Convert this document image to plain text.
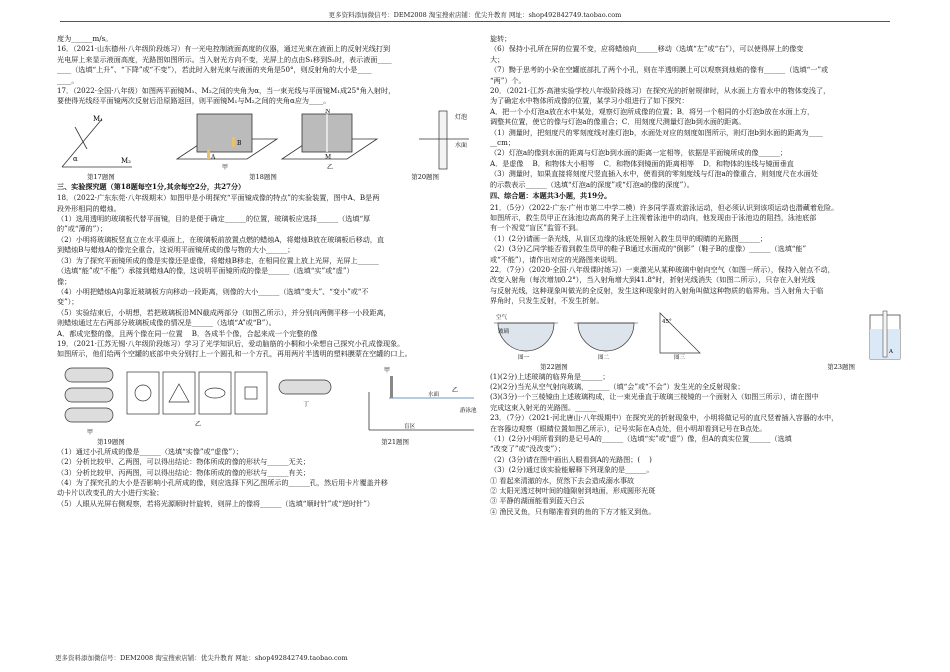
更多资料添加微信号：DEM2008 淘宝搜索店铺：优尖升教育 网址：shop492842749.taobao.com

度为______m/s。

16．（2021·山东德州·八年级阶段练习）有一光电控制液面高度的仪器，通过光束在液面上的反射光线打到

光电屏上来显示液面高度，光路图如图所示。当入射光方向不变，光屏上的点由S₁移到S₂时，表示液面____

____（选填“上升”、“下降”或“不变”），若此时入射光束与液面的夹角是50°，则反射角的大小是____

____。

17．（2022·全国·八年级）如图两平面镜M₁、M₂之间的夹角为α，当一束光线与平面镜M₁成25°角入射时，

要使得光线经平面镜两次反射后沿原路返回，则平面镜M₁与M₂之间的夹角α应为____。

M₁
M₂
α	A
B
甲
N
M
乙
灯泡
水面
第17题图	第18题图	第20题图

三、实验探究题（第18题每空1分,其余每空2分，共27分）

18．（2022·广东东莞·八年级期末）如图甲是小明探究“平面镜成像的特点”的实验装置，图中A、B是两

段外形相同的蜡烛。

（1）选用透明的玻璃板代替平面镜，目的是便于确定______的位置，玻璃板应选择______（选填“厚

的”或“薄的”）；

（2）小明将玻璃板竖直立在水平桌面上，在玻璃板前放置点燃的蜡烛A，将蜡烛B放在玻璃板后移动，直

到蜡烛B与蜡烛A的像完全重合，这说明平面镜所成的像与物的大小______；

（3）为了探究平面镜所成的像是实像还是虚像，将蜡烛B移走，在相同位置上放上光屏，光屏上______

（选填“能”或“不能”）承接到蜡烛A的像，这说明平面镜所成的像是______（选填“实”或“虚”）

像；

（4）小明把蜡烛A向靠近玻璃板方向移动一段距离，则像的大小______（选填“变大”、“变小”或“不

变”）；

（5）实验结束后，小明想，若把玻璃板沿MN截成两部分（如图乙所示），并分别向两侧平移一小段距离，

则蜡烛通过左右两部分玻璃板成像的情况是______（选填“A”或“B”）。

A．都成完整的像，且两个像在同一位置    B．各成半个像，合起来成一个完整的像

19．（2021·江苏无锡·八年级阶段练习）学习了光学知识后，爱动脑筋的小桐和小朵想自己探究小孔成像现象。

如图所示，他们给两个空罐的底部中央分别打上一个圆孔和一个方孔，再用两片半透明的塑料膜蒙在空罐的口上。

甲
乙
丁
甲
乙
水面
游泳池
盲区
第19题图	第21题图

（1）通过小孔所成的像是______（选填“实像”或“虚像”）；

（2）分析比较甲、乙两图，可以得出结论：物体所成的像的形状与______无关；

（3）分析比较甲、丙两图，可以得出结论：物体所成的像的形状与______有关；

（4）为了探究孔的大小是否影响小孔所成的像，则应选择下列乙图所示的______孔，然后用卡片覆盖并移

动卡片以改变孔的大小进行实验；

（5）人眼从光屏右侧观察，若将光源顺时针旋转，则屏上的像将______（选填“顺时针”或“逆时针”）

旋转；

（6）保持小孔所在屏的位置不变，应将蜡烛向______移动（选填“左”或“右”），可以使得屏上的像变

大；

（7）黝于思考的小朵在空罐底部扎了两个小孔，则在半透明膜上可以观察到烛焰的像有______（选填“一”或

“两”）个。

20．（2021·江苏·高港实验学校八年级阶段练习）在探究光的折射规律时，从水面上方看水中的物体变浅了，

为了确定水中物体所成像的位置，某学习小组进行了如下探究：

A．把一个小灯泡a放在水中某处，观察灯泡所成像的位置；B．将另一个相同的小灯泡b放在水面上方，

调整其位置，使它的像与灯泡a的像重合；C．用刻度尺测量灯泡b到水面的距离。

（1）测量时，把刻度尺的零刻度线对准灯泡b，水面处对应的刻度如图所示，则灯泡b到水面的距离为____

__cm；

（2）灯泡a的像到水面的距离与灯泡b到水面的距离一定相等，依据是平面镜所成的像______；

A．是虚像    B．和物体大小相等    C．和物体到镜面的距离相等    D．和物体的连线与镜面垂直

（3）测量时，如果直接将刻度尺竖直插入水中，使看到的零刻度线与灯泡a的像重合，则刻度尺在水面处

的示数表示______（选填“灯泡a的深度”或“灯泡a的像的深度”）。

四、综合题：本题共3小题，共19分。

21．（5分）（2022·广东·广州市第二中学二模）许多同学喜欢游泳运动，但必须认识到该项运动也潜藏着危险。

如图所示，救生员甲正在泳池边高高的凳子上注视着泳池中的动向，他发现由于泳池边的阻挡，泳池底部

有一个视觉“盲区”监管不到。

（1）(2分)请画一条光线，从盲区边缘的泳底处照射入救生员甲的眼睛的光路图______；

（2）(3分)乙同学能否看到救生员甲的鞋子B通过水面成的“倒影”（鞋子B的虚像）______（选填“能”

或“不能”），请作出对应的光路图来说明。

22．（7分）（2020·全国·八年级课时练习）一束激光从某种玻璃中射向空气（如图一所示），保持入射点不动，

改变入射角（每次增加0.2°），当入射角增大到41.8°时，折射光线消失（如图二所示），只存在入射光线

与反射光线，这种现象叫做光的全反射，发生这种现象时的入射角叫做这种物质的临界角。当入射角大于临

界角时，只发生反射，不发生折射。

空气
玻璃
图一	图二
45°
图三
A
第22题图	第23题图

(1)(2分)上述玻璃的临界角是______；

(2)(2分)当光从空气射向玻璃，______（填“会”或“不会”）发生光的全反射现象；

(3)(3分)一个三棱镜由上述玻璃构成，让一束光垂直于玻璃三棱镜的一个面射入（如图三所示），请在图中

完成这束入射光的光路图。______

23．（7分）（2021·河北唐山·八年级期中）在探究光的折射现象中，小明将做记号的直尺竖着插入容器的水中，

在容器边观察（眼睛位置如图乙所示），记号实际在A点处，但小明却看到记号在B点处。

（1）(2分)小明所看到的是记号A的______（选填“实”或“虚”）像，但A的真实位置______（选填

“改变了”或“没改变”）；

（2）(3分)请在图中画出人眼看到A的光路图；(    )

（3）(2分)通过该实验能解释下列现象的是______。

① 看起来清澈的水，贸然下去会造成溺水事故

② 太阳光透过树叶间的缝隙射到地面，形成圆形光斑

③ 平静的湖面能看到蓝天白云

④ 渔民叉鱼，只有瞄准看到的鱼的下方才能叉到鱼。

更多资料添加微信号：DEM2008 淘宝搜索店铺：优尖升教育 网址：shop492842749.taobao.com
